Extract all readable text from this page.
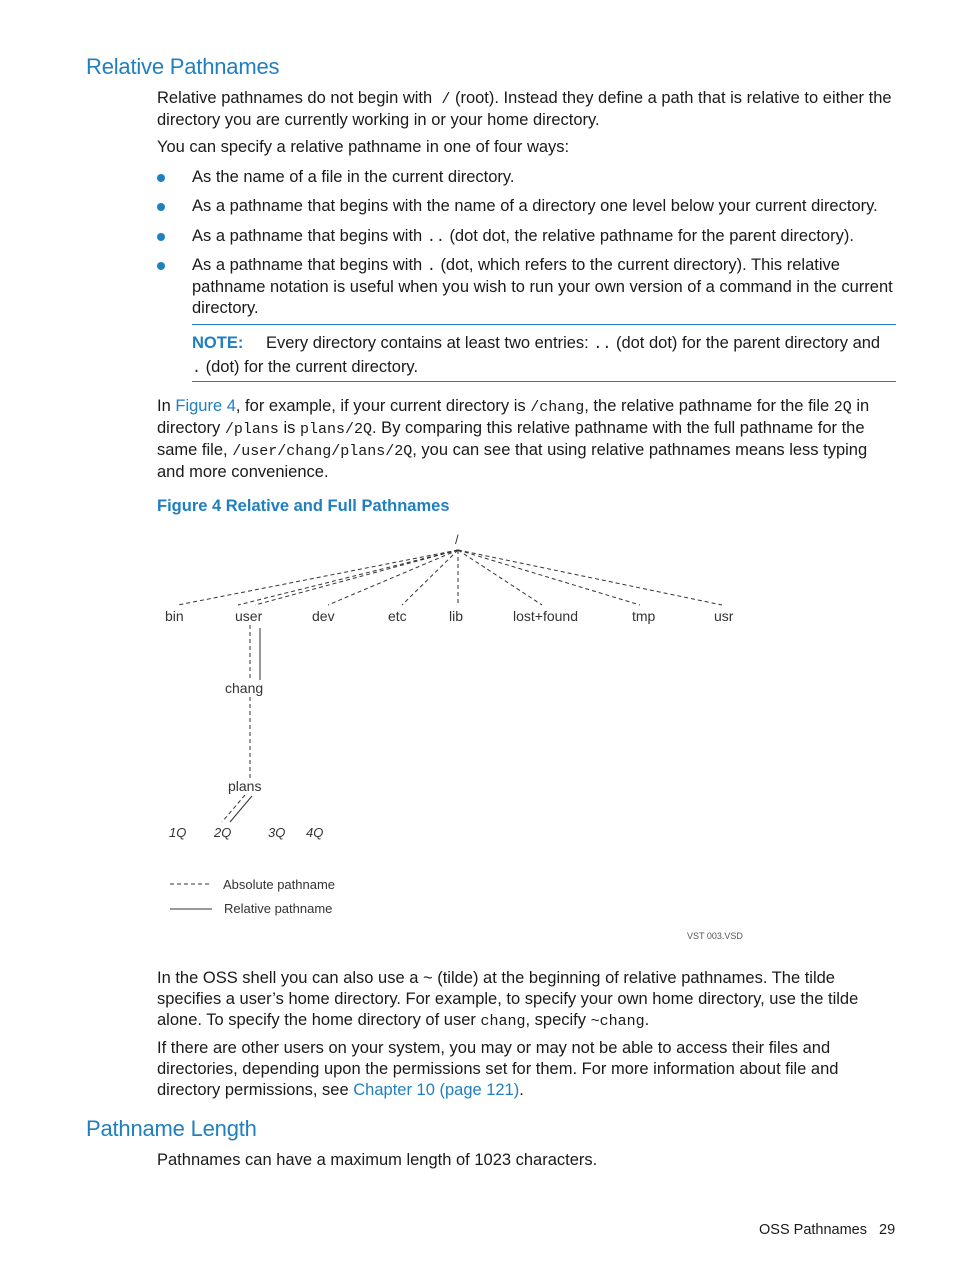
Relative Pathnames

Relative pathnames do not begin with / (root). Instead they define a path that is relative to either the directory you are currently working in or your home directory.

You can specify a relative pathname in one of four ways:

As the name of a file in the current directory.

As a pathname that begins with the name of a directory one level below your current directory.

As a pathname that begins with .. (dot dot, the relative pathname for the parent directory).

As a pathname that begins with . (dot, which refers to the current directory). This relative pathname notation is useful when you wish to run your own version of a command in the current directory.

NOTE: Every directory contains at least two entries: .. (dot dot) for the parent directory and . (dot) for the current directory.

In Figure 4, for example, if your current directory is /chang, the relative pathname for the file 2Q in directory /plans is plans/2Q. By comparing this relative pathname with the full pathname for the same file, /user/chang/plans/2Q, you can see that using relative pathnames means less typing and more convenience.

Figure 4 Relative and Full Pathnames
/
bin	user	dev	etc	lib	lost+found	tmp	usr
chang
plans
1Q 2Q	3Q 4Q
Absolute pathname
Relative pathname
VST 003.VSD

In the OSS shell you can also use a ~ (tilde) at the beginning of relative pathnames. The tilde specifies a user’s home directory. For example, to specify your own home directory, use the tilde alone. To specify the home directory of user chang, specify ~chang.

If there are other users on your system, you may or may not be able to access their files and directories, depending upon the permissions set for them. For more information about file and directory permissions, see Chapter 10 (page 121).

Pathname Length

Pathnames can have a maximum length of 1023 characters.

OSS Pathnames 29
